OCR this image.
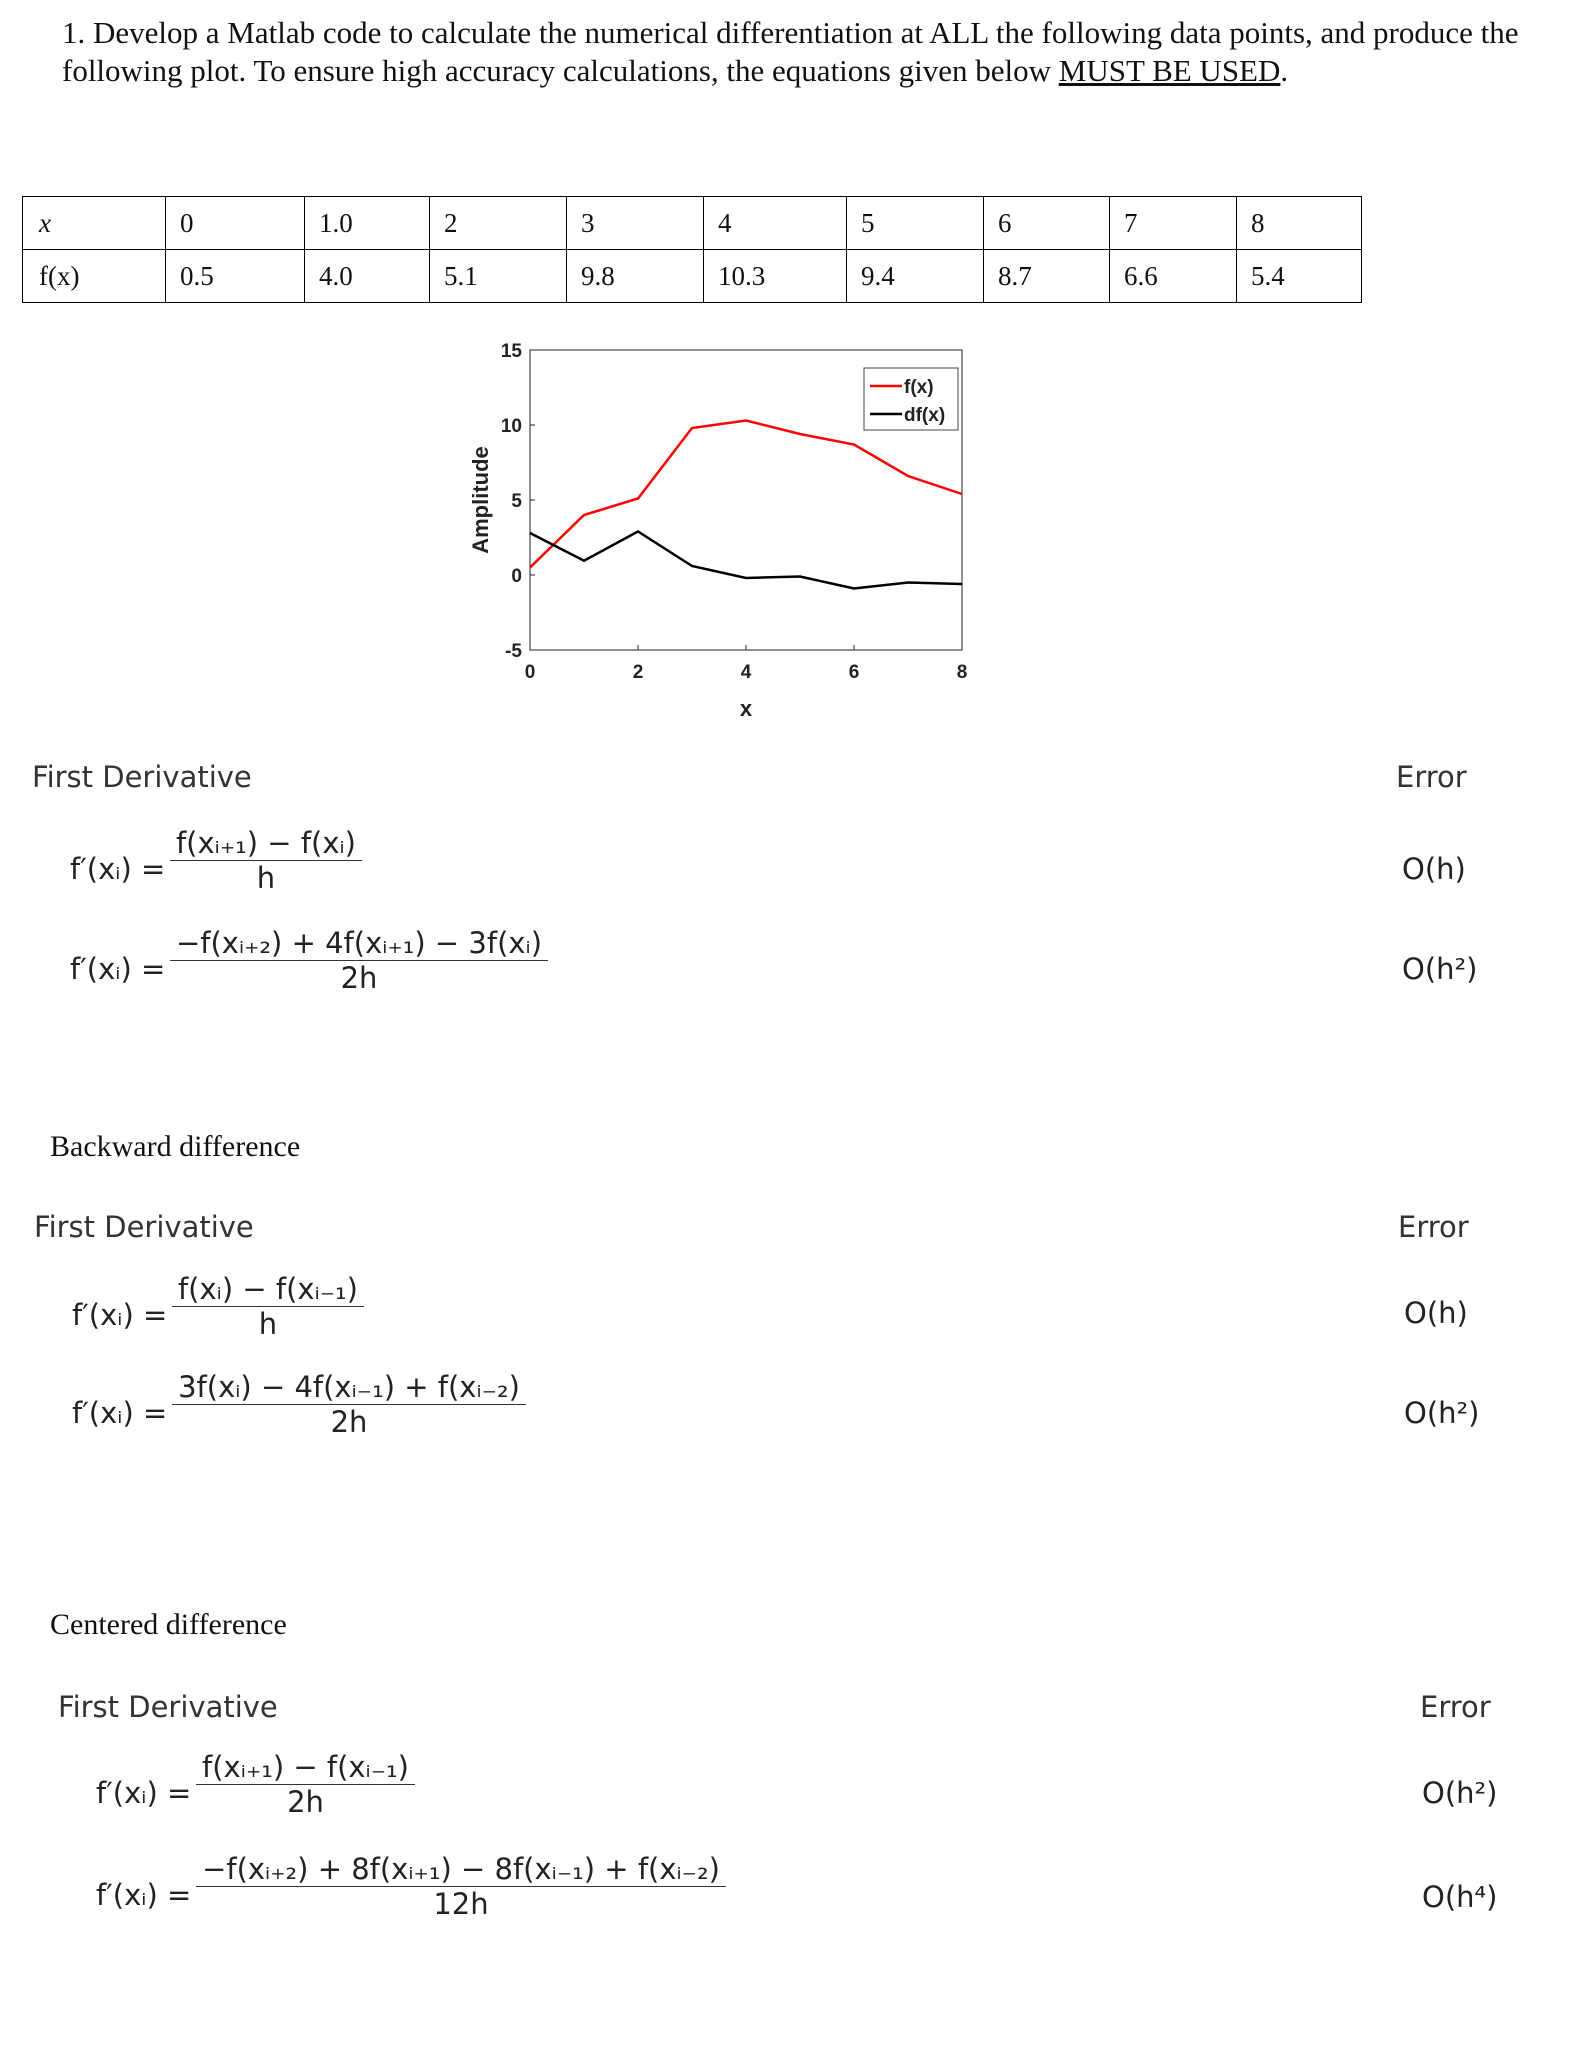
1. Develop a Matlab code to calculate the numerical differentiation at ALL the following data points, and produce the following plot. To ensure high accuracy calculations, the equations given below MUST BE USED.
x	0	1.0	2	3	4	5	6	7	8
f(x)	0.5	4.0	5.1	9.8	10.3	9.4	8.7	6.6	5.4
0	2	4	6	8
-5
0
5
10
15
x
Amplitude
f(x)
df(x)
First Derivative	Error
f′(xᵢ) =
f(xᵢ₊₁) − f(xᵢ)
h	O(h)
f′(xᵢ) =
−f(xᵢ₊₂) + 4f(xᵢ₊₁) − 3f(xᵢ)
2h	O(h²)
Backward difference
First Derivative	Error
f′(xᵢ) =
f(xᵢ) − f(xᵢ₋₁)
h	O(h)
f′(xᵢ) =
3f(xᵢ) − 4f(xᵢ₋₁) + f(xᵢ₋₂)
2h	O(h²)
Centered difference
First Derivative	Error
f′(xᵢ) =
f(xᵢ₊₁) − f(xᵢ₋₁)
2h	O(h²)
f′(xᵢ) =
−f(xᵢ₊₂) + 8f(xᵢ₊₁) − 8f(xᵢ₋₁) + f(xᵢ₋₂)
12h	O(h⁴)
